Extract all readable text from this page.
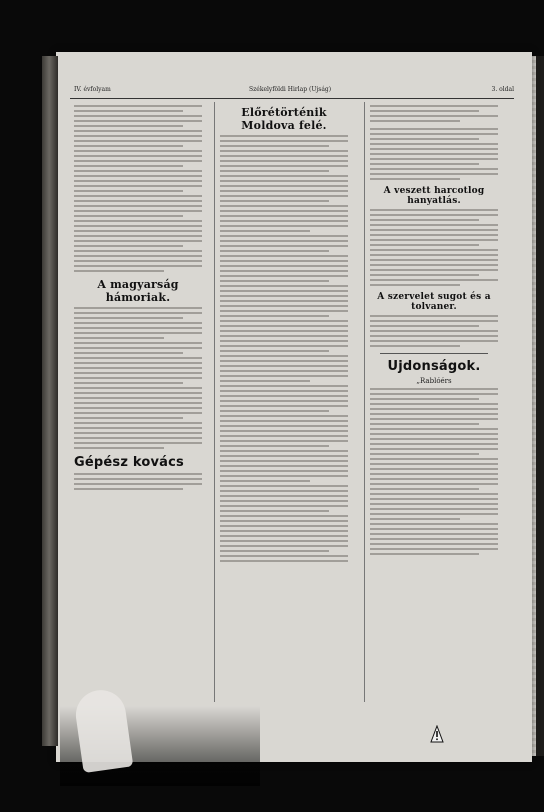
IV. évfolyam	Székelyföldi Hirlap (Ujság)	3. oldal
A magyarság hámoriak.
Gépész kovács
Előrétörténik Moldova felé.
A veszett harcotlog hanyatlás.
A szervelet sugot és a tolvaner.
Ujdonságok.
„Rablóérs
